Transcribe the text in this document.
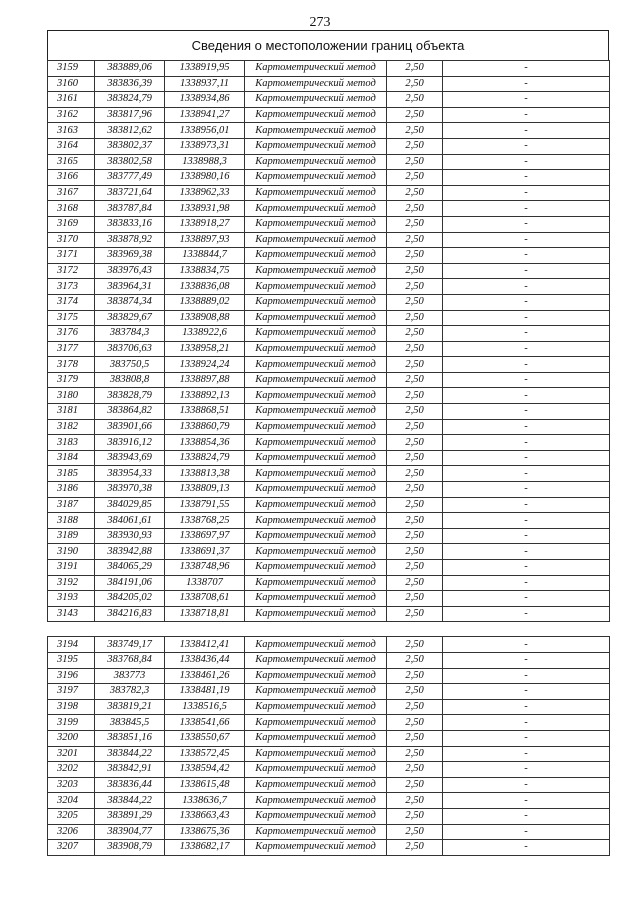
273
Сведения о местоположении границ объекта
3159	383889,06	1338919,95	Картометрический метод	2,50	-
3160	383836,39	1338937,11	Картометрический метод	2,50	-
3161	383824,79	1338934,86	Картометрический метод	2,50	-
3162	383817,96	1338941,27	Картометрический метод	2,50	-
3163	383812,62	1338956,01	Картометрический метод	2,50	-
3164	383802,37	1338973,31	Картометрический метод	2,50	-
3165	383802,58	1338988,3	Картометрический метод	2,50	-
3166	383777,49	1338980,16	Картометрический метод	2,50	-
3167	383721,64	1338962,33	Картометрический метод	2,50	-
3168	383787,84	1338931,98	Картометрический метод	2,50	-
3169	383833,16	1338918,27	Картометрический метод	2,50	-
3170	383878,92	1338897,93	Картометрический метод	2,50	-
3171	383969,38	1338844,7	Картометрический метод	2,50	-
3172	383976,43	1338834,75	Картометрический метод	2,50	-
3173	383964,31	1338836,08	Картометрический метод	2,50	-
3174	383874,34	1338889,02	Картометрический метод	2,50	-
3175	383829,67	1338908,88	Картометрический метод	2,50	-
3176	383784,3	1338922,6	Картометрический метод	2,50	-
3177	383706,63	1338958,21	Картометрический метод	2,50	-
3178	383750,5	1338924,24	Картометрический метод	2,50	-
3179	383808,8	1338897,88	Картометрический метод	2,50	-
3180	383828,79	1338892,13	Картометрический метод	2,50	-
3181	383864,82	1338868,51	Картометрический метод	2,50	-
3182	383901,66	1338860,79	Картометрический метод	2,50	-
3183	383916,12	1338854,36	Картометрический метод	2,50	-
3184	383943,69	1338824,79	Картометрический метод	2,50	-
3185	383954,33	1338813,38	Картометрический метод	2,50	-
3186	383970,38	1338809,13	Картометрический метод	2,50	-
3187	384029,85	1338791,55	Картометрический метод	2,50	-
3188	384061,61	1338768,25	Картометрический метод	2,50	-
3189	383930,93	1338697,97	Картометрический метод	2,50	-
3190	383942,88	1338691,37	Картометрический метод	2,50	-
3191	384065,29	1338748,96	Картометрический метод	2,50	-
3192	384191,06	1338707	Картометрический метод	2,50	-
3193	384205,02	1338708,61	Картометрический метод	2,50	-
3143	384216,83	1338718,81	Картометрический метод	2,50	-

3194	383749,17	1338412,41	Картометрический метод	2,50	-
3195	383768,84	1338436,44	Картометрический метод	2,50	-
3196	383773	1338461,26	Картометрический метод	2,50	-
3197	383782,3	1338481,19	Картометрический метод	2,50	-
3198	383819,21	1338516,5	Картометрический метод	2,50	-
3199	383845,5	1338541,66	Картометрический метод	2,50	-
3200	383851,16	1338550,67	Картометрический метод	2,50	-
3201	383844,22	1338572,45	Картометрический метод	2,50	-
3202	383842,91	1338594,42	Картометрический метод	2,50	-
3203	383836,44	1338615,48	Картометрический метод	2,50	-
3204	383844,22	1338636,7	Картометрический метод	2,50	-
3205	383891,29	1338663,43	Картометрический метод	2,50	-
3206	383904,77	1338675,36	Картометрический метод	2,50	-
3207	383908,79	1338682,17	Картометрический метод	2,50	-
